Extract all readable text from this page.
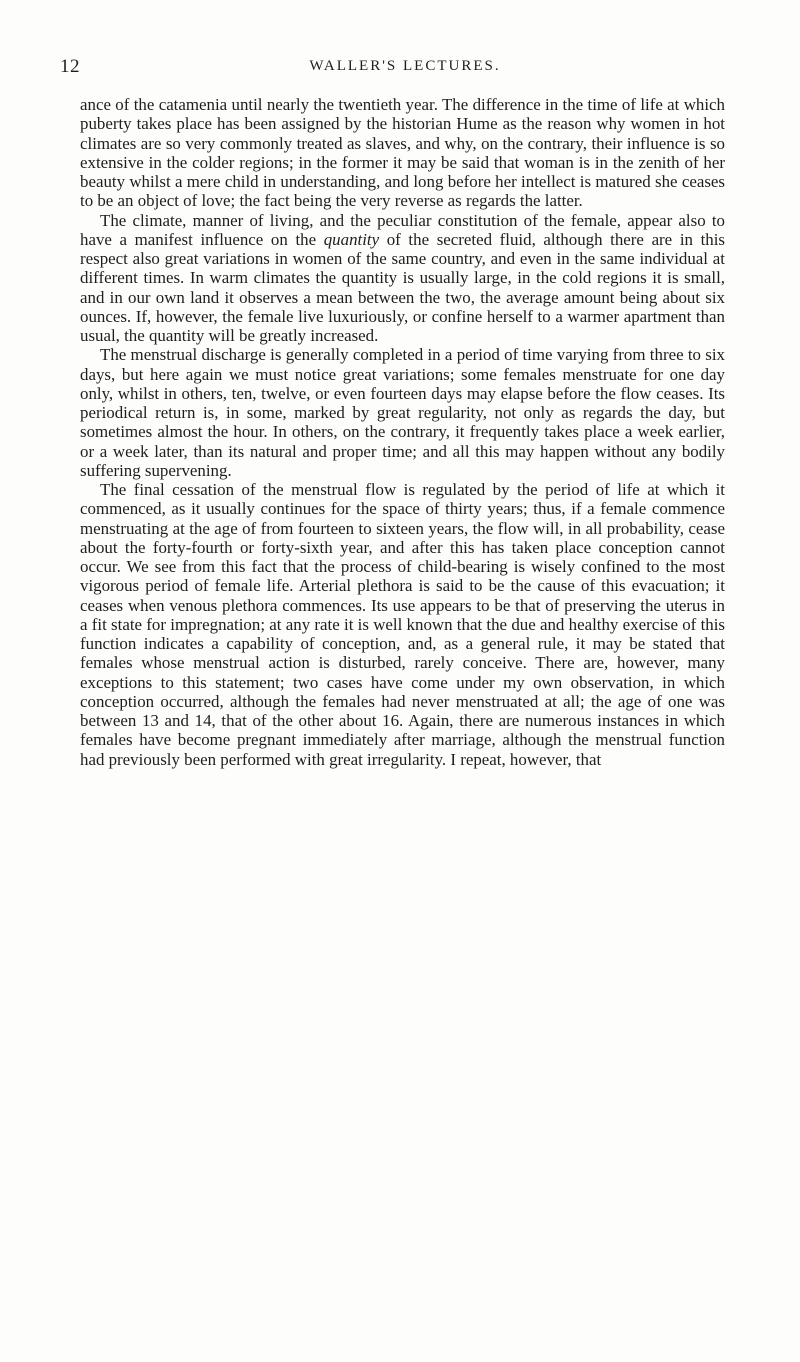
12	WALLER'S LECTURES.

ance of the catamenia until nearly the twentieth year. The difference in the time of life at which puberty takes place has been assigned by the historian Hume as the reason why women in hot climates are so very commonly treated as slaves, and why, on the contrary, their influence is so extensive in the colder regions; in the former it may be said that woman is in the zenith of her beauty whilst a mere child in understanding, and long before her intellect is matured she ceases to be an object of love; the fact being the very reverse as regards the latter.

The climate, manner of living, and the peculiar constitution of the female, appear also to have a manifest influence on the quantity of the secreted fluid, although there are in this respect also great variations in women of the same country, and even in the same individual at different times. In warm climates the quantity is usually large, in the cold regions it is small, and in our own land it observes a mean between the two, the average amount being about six ounces. If, however, the female live luxuriously, or confine herself to a warmer apartment than usual, the quantity will be greatly increased.

The menstrual discharge is generally completed in a period of time varying from three to six days, but here again we must notice great variations; some females menstruate for one day only, whilst in others, ten, twelve, or even fourteen days may elapse before the flow ceases. Its periodical return is, in some, marked by great regularity, not only as regards the day, but sometimes almost the hour. In others, on the contrary, it frequently takes place a week earlier, or a week later, than its natural and proper time; and all this may happen without any bodily suffering supervening.

The final cessation of the menstrual flow is regulated by the period of life at which it commenced, as it usually continues for the space of thirty years; thus, if a female commence menstruating at the age of from fourteen to sixteen years, the flow will, in all probability, cease about the forty-fourth or forty-sixth year, and after this has taken place conception cannot occur. We see from this fact that the process of child-bearing is wisely confined to the most vigorous period of female life. Arterial plethora is said to be the cause of this evacuation; it ceases when venous plethora commences. Its use appears to be that of preserving the uterus in a fit state for impregnation; at any rate it is well known that the due and healthy exercise of this function indicates a capability of conception, and, as a general rule, it may be stated that females whose menstrual action is disturbed, rarely conceive. There are, however, many exceptions to this statement; two cases have come under my own observation, in which conception occurred, although the females had never menstruated at all; the age of one was between 13 and 14, that of the other about 16. Again, there are numerous instances in which females have become pregnant immediately after marriage, although the menstrual function had previously been performed with great irregularity. I repeat, however, that
